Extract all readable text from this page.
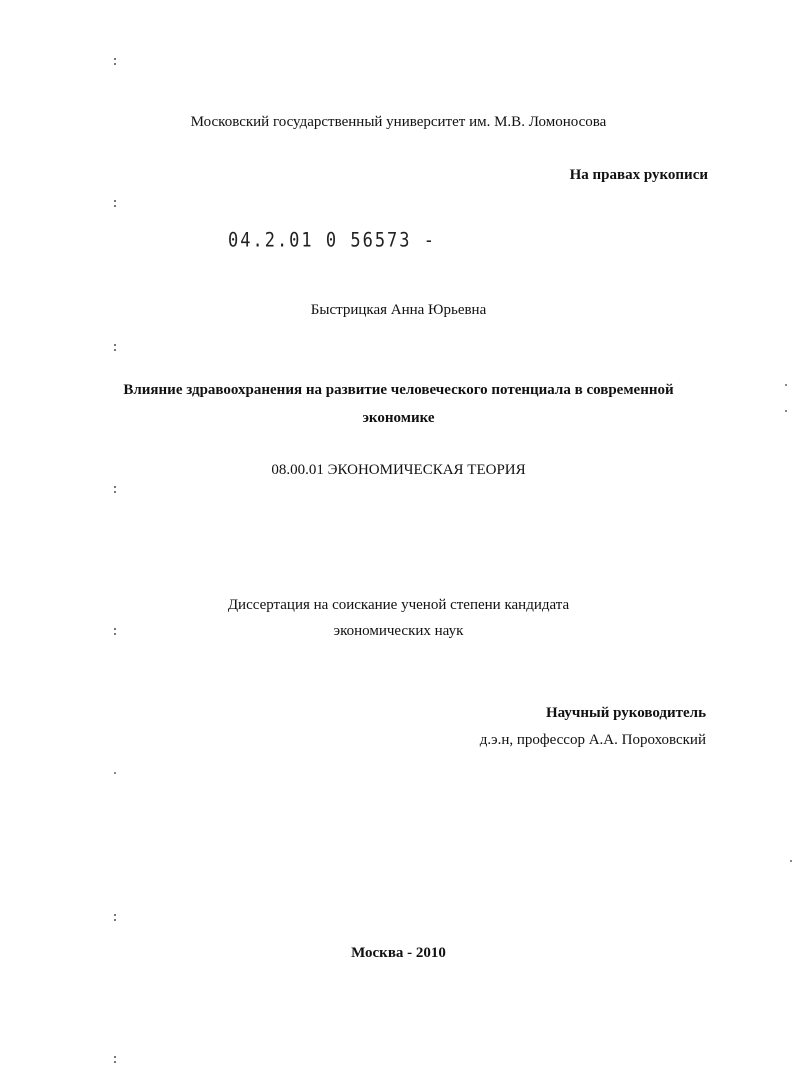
Московский государственный университет им. М.В. Ломоносова
На правах рукописи
04.2.01 0 56573 -
Быстрицкая Анна Юрьевна
Влияние здравоохранения на развитие человеческого потенциала в современной
экономике
08.00.01 ЭКОНОМИЧЕСКАЯ ТЕОРИЯ
Диссертация на соискание ученой степени кандидата
экономических наук
Научный руководитель
д.э.н, профессор А.А. Пороховский
Москва - 2010
